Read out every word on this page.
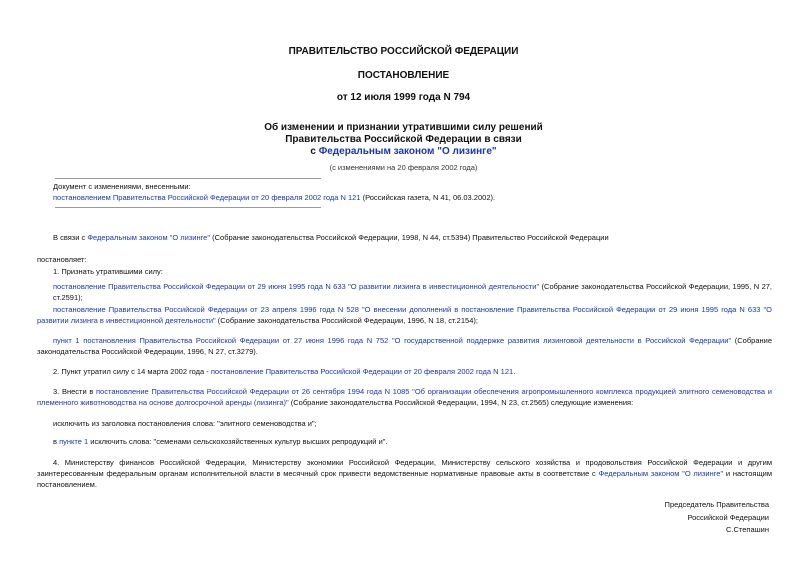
ПРАВИТЕЛЬСТВО РОССИЙСКОЙ ФЕДЕРАЦИИ
ПОСТАНОВЛЕНИЕ
от 12 июля 1999 года N 794
Об изменении и признании утратившими силу решений
Правительства Российской Федерации в связи
с Федеральным законом "О лизинге"
(с изменениями на 20 февраля 2002 года)
Документ с изменениями, внесенными:
постановлением Правительства Российской Федерации от 20 февраля 2002 года N 121 (Российская газета, N 41, 06.03.2002).
В связи с Федеральным законом "О лизинге" (Собрание законодательства Российской Федерации, 1998, N 44, ст.5394) Правительство Российской Федерации
постановляет:
1. Признать утратившими силу:
постановление Правительства Российской Федерации от 29 июня 1995 года N 633 "О развитии лизинга в инвестиционной деятельности" (Собрание законодательства Российской Федерации, 1995, N 27, ст.2591);
постановление Правительства Российской Федерации от 23 апреля 1996 года N 528 "О внесении дополнений в постановление Правительства Российской Федерации от 29 июня 1995 года N 633 "О развитии лизинга в инвестиционной деятельности" (Собрание законодательства Российской Федерации, 1996, N 18, ст.2154);
пункт 1 постановления Правительства Российской Федерации от 27 июня 1996 года N 752 "О государственной поддержке развития лизинговой деятельности в Российской Федерации" (Собрание законодательства Российской Федерации, 1996, N 27, ст.3279).
2. Пункт утратил силу с 14 марта 2002 года - постановление Правительства Российской Федерации от 20 февраля 2002 года N 121.
3. Внести в постановление Правительства Российской Федерации от 26 сентября 1994 года N 1085 "Об организации обеспечения агропромышленного комплекса продукцией элитного семеноводства и племенного животноводства на основе долгосрочной аренды (лизинга)" (Собрание законодательства Российской Федерации, 1994, N 23, ст.2565) следующие изменения:
исключить из заголовка постановления слова: "элитного семеноводства и";
в пункте 1 исключить слова: "семенами сельскохозяйственных культур высших репродукций и".
4. Министерству финансов Российской Федерации, Министерству экономики Российской Федерации, Министерству сельского хозяйства и продовольствия Российской Федерации и другим заинтересованным федеральным органам исполнительной власти в месячный срок привести ведомственные нормативные правовые акты в соответствие с Федеральным законом "О лизинге" и настоящим постановлением.
Председатель Правительства
Российской Федерации
С.Степашин
